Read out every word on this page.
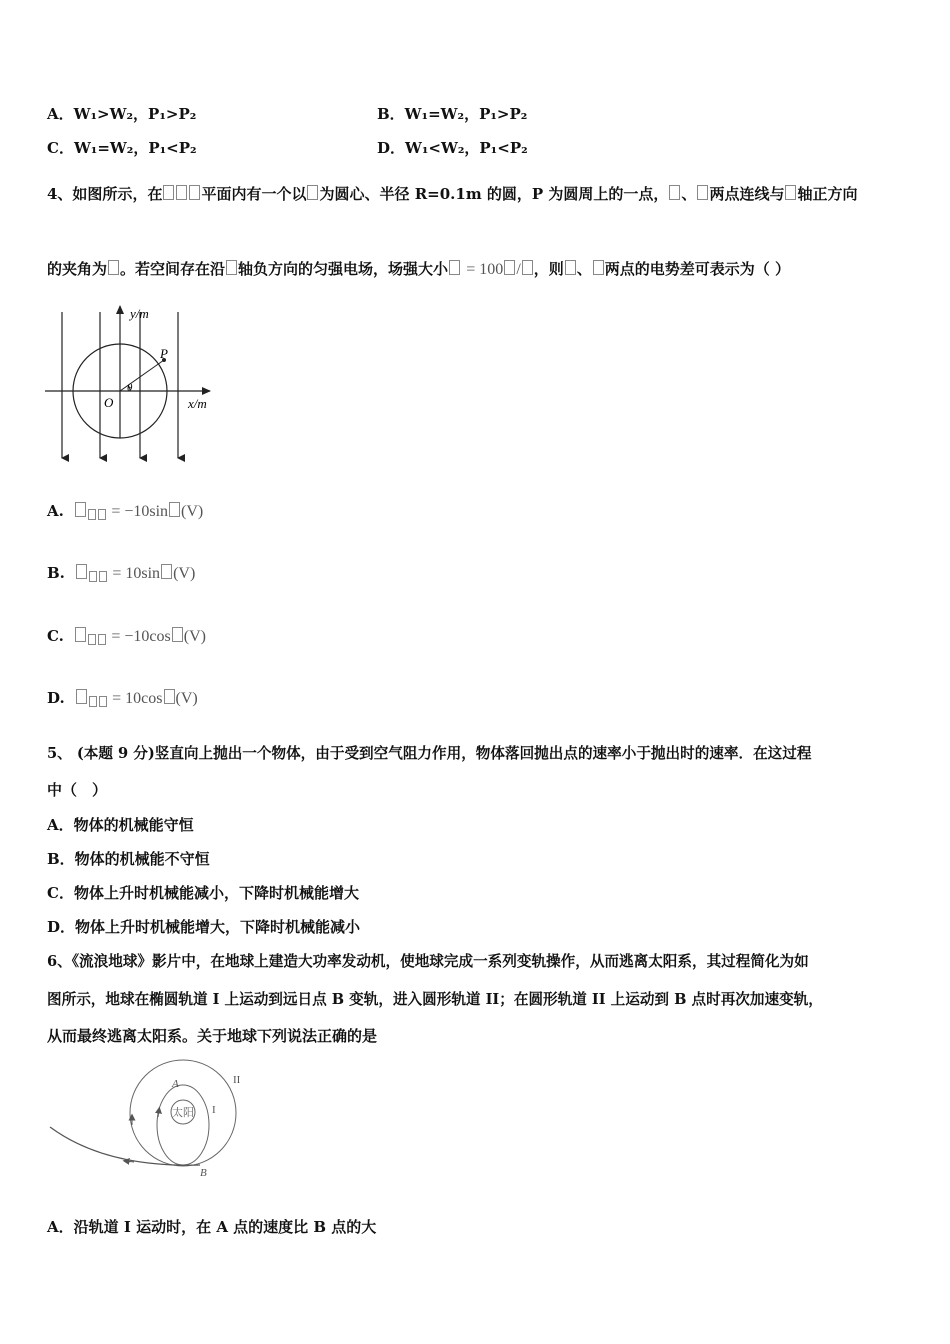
A．W₁>W₂，P₁>P₂	B．W₁=W₂，P₁>P₂
C．W₁=W₂，P₁<P₂	D．W₁<W₂，P₁<P₂
4、如图所示，在	平面内有一个以 为圆心、半径 R=0.1m 的圆，P 为圆周上的一点， 、 两点连线与 轴正方向
的夹角为 。若空间存在沿 轴负方向的匀强电场，场强大小 = 100 / ，则 、 两点的电势差可表示为（ ）
y/m
x/m
O
P
θ
A.	= −10sin (V)
B.	= 10sin (V)
C.	= −10cos (V)
D.	= 10cos (V)
5、 (本题 9 分)竖直向上抛出一个物体，由于受到空气阻力作用，物体落回抛出点的速率小于抛出时的速率．在这过程
中（　）
A．物体的机械能守恒
B．物体的机械能不守恒
C．物体上升时机械能减小，下降时机械能增大
D．物体上升时机械能增大，下降时机械能减小
6、《流浪地球》影片中，在地球上建造大功率发动机，使地球完成一系列变轨操作，从而逃离太阳系，其过程简化为如
图所示，地球在椭圆轨道 I 上运动到远日点 B 变轨，进入圆形轨道 II；在圆形轨道 II 上运动到 B 点时再次加速变轨，
从而最终逃离太阳系。关于地球下列说法正确的是
太阳
A
I
II
B
A．沿轨道 I 运动时，在 A 点的速度比 B 点的大
